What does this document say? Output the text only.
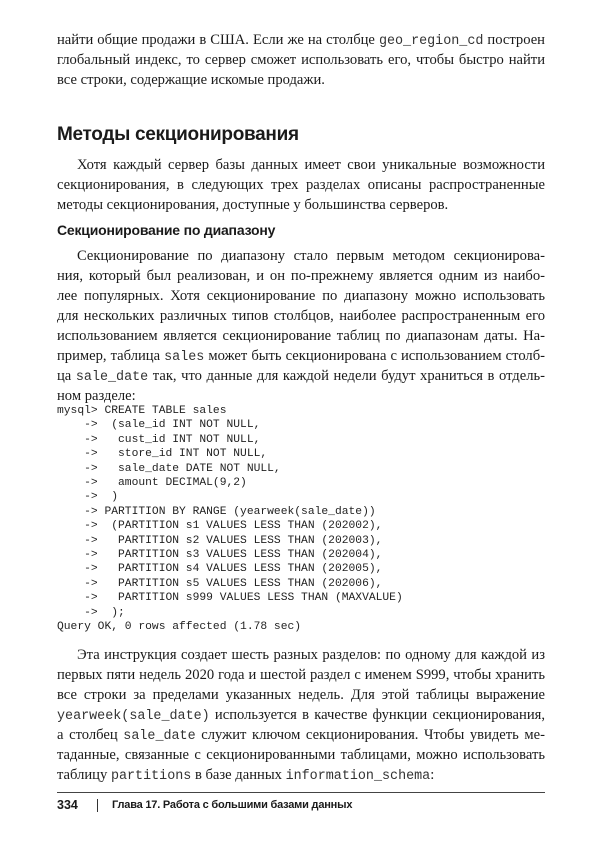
найти общие продажи в США. Если же на столбце geo_region_cd построен
глобальный индекс, то сервер сможет использовать его, чтобы быстро найти
все строки, содержащие искомые продажи.
Методы секционирования
Хотя каждый сервер базы данных имеет свои уникальные возможности
секционирования, в следующих трех разделах описаны распространенные
методы секционирования, доступные у большинства серверов.
Секционирование по диапазону
Секционирование по диапазону стало первым методом секционирова-
ния, который был реализован, и он по-прежнему является одним из наибо-
лее популярных. Хотя секционирование по диапазону можно использовать
для нескольких различных типов столбцов, наиболее распространенным его
использованием является секционирование таблиц по диапазонам даты. На-
пример, таблица sales может быть секционирована с использованием столб-
ца sale_date так, что данные для каждой недели будут храниться в отдель-
ном разделе:
mysql> CREATE TABLE sales
->  (sale_id INT NOT NULL,
->   cust_id INT NOT NULL,
->   store_id INT NOT NULL,
->   sale_date DATE NOT NULL,
->   amount DECIMAL(9,2)
->  )
-> PARTITION BY RANGE (yearweek(sale_date))
->  (PARTITION s1 VALUES LESS THAN (202002),
->   PARTITION s2 VALUES LESS THAN (202003),
->   PARTITION s3 VALUES LESS THAN (202004),
->   PARTITION s4 VALUES LESS THAN (202005),
->   PARTITION s5 VALUES LESS THAN (202006),
->   PARTITION s999 VALUES LESS THAN (MAXVALUE)
->  );
Query OK, 0 rows affected (1.78 sec)
Эта инструкция создает шесть разных разделов: по одному для каждой из
первых пяти недель 2020 года и шестой раздел с именем S999, чтобы хранить
все строки за пределами указанных недель. Для этой таблицы выражение
yearweek(sale_date) используется в качестве функции секционирования,
а столбец sale_date служит ключом секционирования. Чтобы увидеть ме-
таданные, связанные с секционированными таблицами, можно использовать
таблицу partitions в базе данных information_schema:
334	Глава 17. Работа с большими базами данных
